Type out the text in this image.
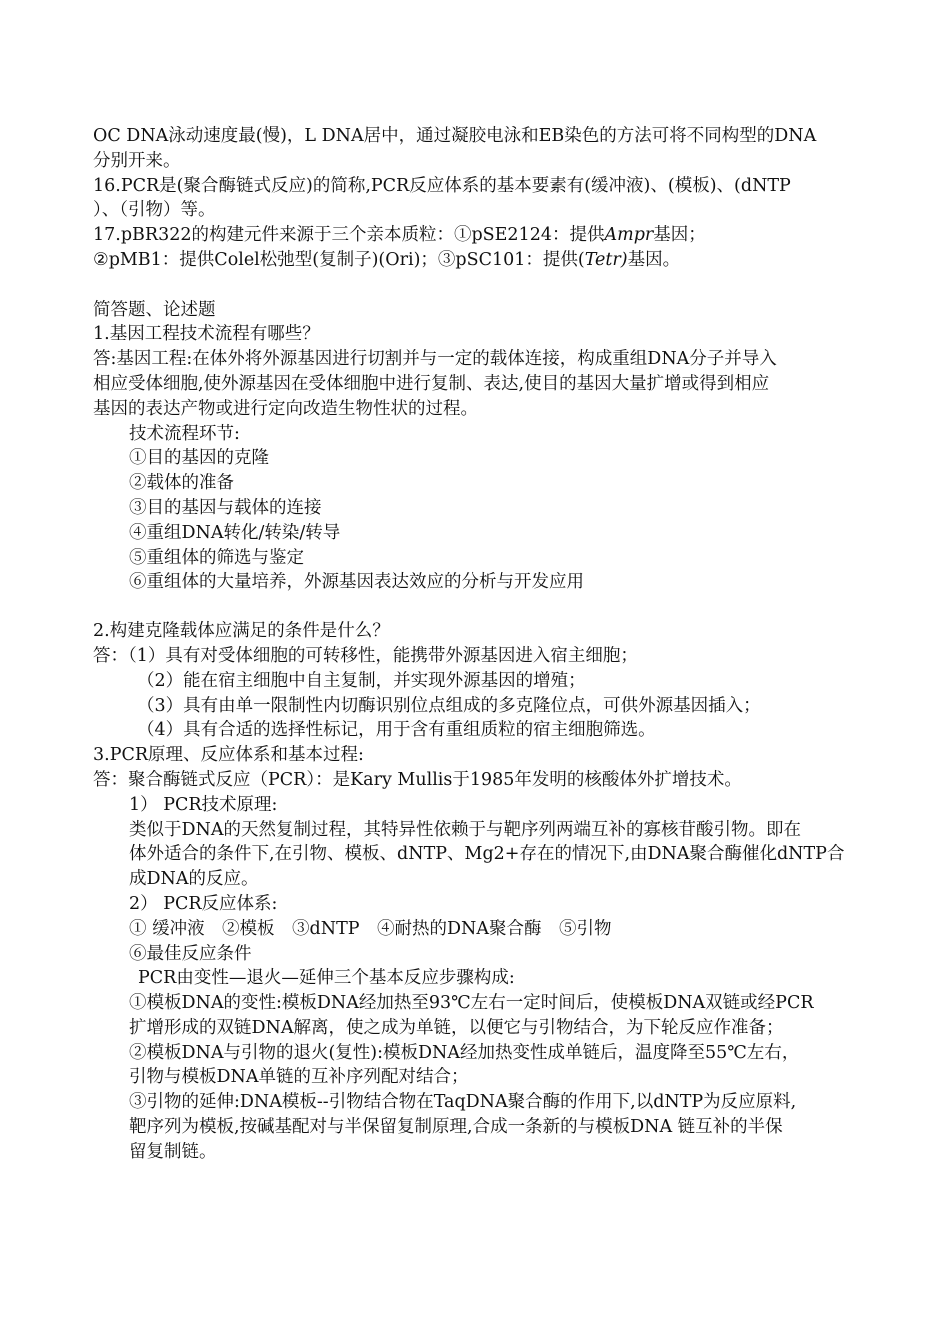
OC DNA泳动速度最(慢)，L DNA居中，通过凝胶电泳和EB染色的方法可将不同构型的DNA
分别开来。
16.PCR是(聚合酶链式反应)的简称,PCR反应体系的基本要素有(缓冲液)、(模板)、(dNTP
）、（引物）等。
17.pBR322的构建元件来源于三个亲本质粒：①pSE2124：提供Ampr基因；
②pMB1：提供Colel松弛型(复制子)(Ori)；③pSC101：提供(Tetr)基因。
简答题、论述题
1.基因工程技术流程有哪些？
答:基因工程:在体外将外源基因进行切割并与一定的载体连接，构成重组DNA分子并导入
相应受体细胞,使外源基因在受体细胞中进行复制、表达,使目的基因大量扩增或得到相应
基因的表达产物或进行定向改造生物性状的过程。
技术流程环节:
①目的基因的克隆
②载体的准备
③目的基因与载体的连接
④重组DNA转化/转染/转导
⑤重组体的筛选与鉴定
⑥重组体的大量培养，外源基因表达效应的分析与开发应用
2.构建克隆载体应满足的条件是什么？
答：（1）具有对受体细胞的可转移性，能携带外源基因进入宿主细胞；
（2）能在宿主细胞中自主复制，并实现外源基因的增殖；
（3）具有由单一限制性内切酶识别位点组成的多克隆位点，可供外源基因插入；
（4）具有合适的选择性标记，用于含有重组质粒的宿主细胞筛选。
3.PCR原理、反应体系和基本过程:
答：聚合酶链式反应（PCR）：是Kary Mullis于1985年发明的核酸体外扩增技术。
1） PCR技术原理:
类似于DNA的天然复制过程，其特异性依赖于与靶序列两端互补的寡核苷酸引物。即在
体外适合的条件下,在引物、模板、dNTP、Mg2+存在的情况下,由DNA聚合酶催化dNTP合
成DNA的反应。
2） PCR反应体系:
① 缓冲液　②模板　③dNTP　④耐热的DNA聚合酶　⑤引物
⑥最佳反应条件
PCR由变性—退火—延伸三个基本反应步骤构成:
①模板DNA的变性:模板DNA经加热至93℃左右一定时间后，使模板DNA双链或经PCR
扩增形成的双链DNA解离，使之成为单链，以便它与引物结合，为下轮反应作准备；
②模板DNA与引物的退火(复性):模板DNA经加热变性成单链后，温度降至55℃左右，
引物与模板DNA单链的互补序列配对结合；
③引物的延伸:DNA模板--引物结合物在TaqDNA聚合酶的作用下,以dNTP为反应原料,
靶序列为模板,按碱基配对与半保留复制原理,合成一条新的与模板DNA 链互补的半保
留复制链。
